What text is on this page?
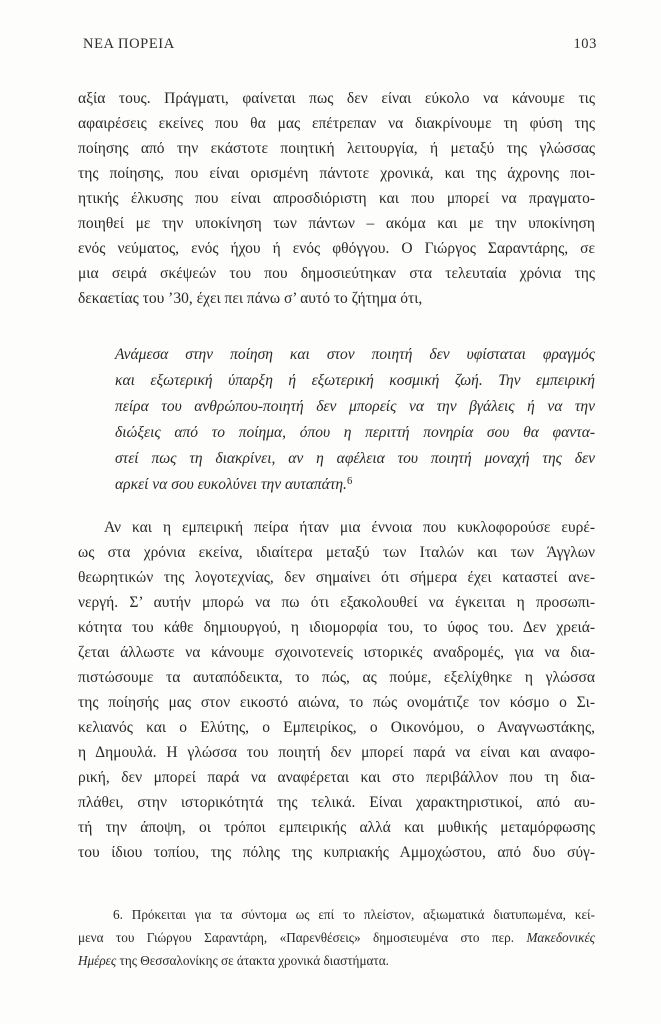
ΝΕΑ ΠΟΡΕΙΑ	103
αξία τους. Πράγματι, φαίνεται πως δεν είναι εύκολο να κάνουμε τις
αφαιρέσεις εκείνες που θα μας επέτρεπαν να διακρίνουμε τη φύση της
ποίησης από την εκάστοτε ποιητική λειτουργία, ή μεταξύ της γλώσσας
της ποίησης, που είναι ορισμένη πάντοτε χρονικά, και της άχρονης ποι-
ητικής έλκυσης που είναι απροσδιόριστη και που μπορεί να πραγματο-
ποιηθεί με την υποκίνηση των πάντων – ακόμα και με την υποκίνηση
ενός νεύματος, ενός ήχου ή ενός φθόγγου. Ο Γιώργος Σαραντάρης, σε
μια σειρά σκέψεών του που δημοσιεύτηκαν στα τελευταία χρόνια της
δεκαετίας του ’30, έχει πει πάνω σ’ αυτό το ζήτημα ότι,
Ανάμεσα στην ποίηση και στον ποιητή δεν υφίσταται φραγμός
και εξωτερική ύπαρξη ή εξωτερική κοσμική ζωή. Την εμπειρική
πείρα του ανθρώπου-ποιητή δεν μπορείς να την βγάλεις ή να την
διώξεις από το ποίημα, όπου η περιττή πονηρία σου θα φαντα-
στεί πως τη διακρίνει, αν η αφέλεια του ποιητή μοναχή της δεν
αρκεί να σου ευκολύνει την αυταπάτη.$^6$
Αν και η εμπειρική πείρα ήταν μια έννοια που κυκλοφορούσε ευρέ-
ως στα χρόνια εκείνα, ιδιαίτερα μεταξύ των Ιταλών και των Άγγλων
θεωρητικών της λογοτεχνίας, δεν σημαίνει ότι σήμερα έχει καταστεί ανε-
νεργή. Σ’ αυτήν μπορώ να πω ότι εξακολουθεί να έγκειται η προσωπι-
κότητα του κάθε δημιουργού, η ιδιομορφία του, το ύφος του. Δεν χρειά-
ζεται άλλωστε να κάνουμε σχοινοτενείς ιστορικές αναδρομές, για να δια-
πιστώσουμε τα αυταπόδεικτα, το πώς, ας πούμε, εξελίχθηκε η γλώσσα
της ποίησής μας στον εικοστό αιώνα, το πώς ονομάτιζε τον κόσμο ο Σι-
κελιανός και ο Ελύτης, ο Εμπειρίκος, ο Οικονόμου, ο Αναγνωστάκης,
η Δημουλά. Η γλώσσα του ποιητή δεν μπορεί παρά να είναι και αναφο-
ρική, δεν μπορεί παρά να αναφέρεται και στο περιβάλλον που τη δια-
πλάθει, στην ιστορικότητά της τελικά. Είναι χαρακτηριστικοί, από αυ-
τή την άποψη, οι τρόποι εμπειρικής αλλά και μυθικής μεταμόρφωσης
του ίδιου τοπίου, της πόλης της κυπριακής Αμμοχώστου, από δυο σύγ-
6. Πρόκειται για τα σύντομα ως επί το πλείστον, αξιωματικά διατυπωμένα, κεί-
μενα του Γιώργου Σαραντάρη, «Παρενθέσεις» δημοσιευμένα στο περ. Μακεδονικές
Ημέρες της Θεσσαλονίκης σε άτακτα χρονικά διαστήματα.
